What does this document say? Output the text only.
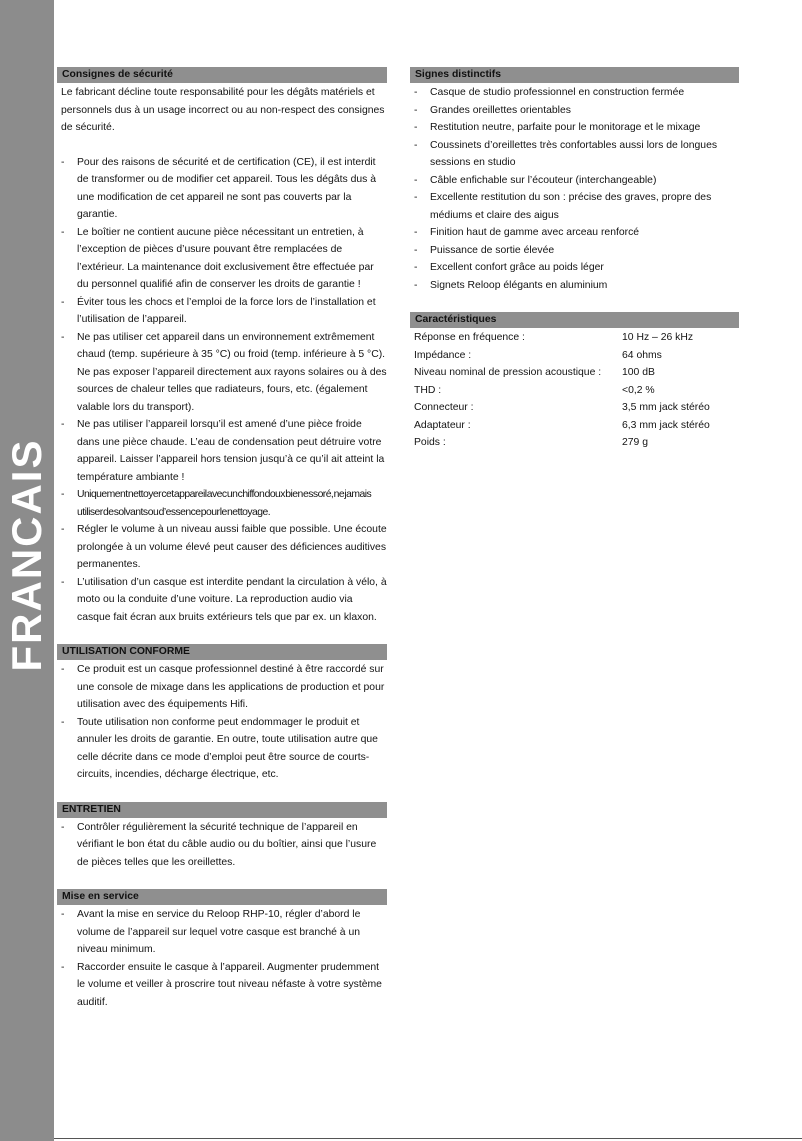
FRANCAIS
Consignes de sécurité

Le fabricant décline toute responsabilité pour les dégâts matériels et personnels dus à un usage incorrect ou au non-respect des consignes de sécurité.

- Pour des raisons de sécurité et de certification (CE), il est interdit de transformer ou de modifier cet appareil. Tous les dégâts dus à une modification de cet appareil ne sont pas couverts par la garantie.
- Le boîtier ne contient aucune pièce nécessitant un entretien, à l’exception de pièces d’usure pouvant être remplacées de l’extérieur. La maintenance doit exclusivement être effectuée par du personnel qualifié afin de conserver les droits de garantie !
- Éviter tous les chocs et l’emploi de la force lors de l’installation et l’utilisation de l’appareil.
- Ne pas utiliser cet appareil dans un environnement extrêmement chaud (temp. supérieure à 35 °C) ou froid (temp. inférieure à 5 °C). Ne pas exposer l’appareil directement aux rayons solaires ou à des sources de chaleur telles que radiateurs, fours, etc. (également valable lors du transport).
- Ne pas utiliser l’appareil lorsqu’il est amené d’une pièce froide dans une pièce chaude. L’eau de condensation peut détruire votre appareil. Laisser l’appareil hors tension jusqu’à ce qu’il ait atteint la température ambiante !
- Uniquement nettoyer cet appareil avec un chiffon doux bien essoré, ne jamais utiliser de solvants ou d’essence pour le nettoyage.
- Régler le volume à un niveau aussi faible que possible. Une écoute prolongée à un volume élevé peut causer des déficiences auditives permanentes.
- L’utilisation d’un casque est interdite pendant la circulation à vélo, à moto ou la conduite d’une voiture. La reproduction audio via casque fait écran aux bruits extérieurs tels que par ex. un klaxon.
UTILISATION CONFORME
- Ce produit est un casque professionnel destiné à être raccordé sur une console de mixage dans les applications de production et pour utilisation avec des équipements Hifi.
- Toute utilisation non conforme peut endommager le produit et annuler les droits de garantie. En outre, toute utilisation autre que celle décrite dans ce mode d’emploi peut être source de courts-circuits, incendies, décharge électrique, etc.
ENTRETIEN
- Contrôler régulièrement la sécurité technique de l’appareil en vérifiant le bon état du câble audio ou du boîtier, ainsi que l’usure de pièces telles que les oreillettes.
Mise en service
- Avant la mise en service du Reloop RHP-10, régler d’abord le volume de l’appareil sur lequel votre casque est branché à un niveau minimum.
- Raccorder ensuite le casque à l’appareil. Augmenter prudemment le volume et veiller à proscrire tout niveau néfaste à votre système auditif.
Signes distinctifs
- Casque de studio professionnel en construction fermée
- Grandes oreillettes orientables
- Restitution neutre, parfaite pour le monitorage et le mixage
- Coussinets d’oreillettes très confortables aussi lors de longues sessions en studio
- Câble enfichable sur l’écouteur (interchangeable)
- Excellente restitution du son : précise des graves, propre des médiums et claire des aigus
- Finition haut de gamme avec arceau renforcé
- Puissance de sortie élevée
- Excellent confort grâce au poids léger
- Signets Reloop élégants en aluminium
Caractéristiques
Réponse en fréquence :	10 Hz – 26 kHz
Impédance :	64 ohms
Niveau nominal de pression acoustique :	100 dB
THD :	<0,2 %
Connecteur :	3,5 mm jack stéréo
Adaptateur :	6,3 mm jack stéréo
Poids :	279 g
